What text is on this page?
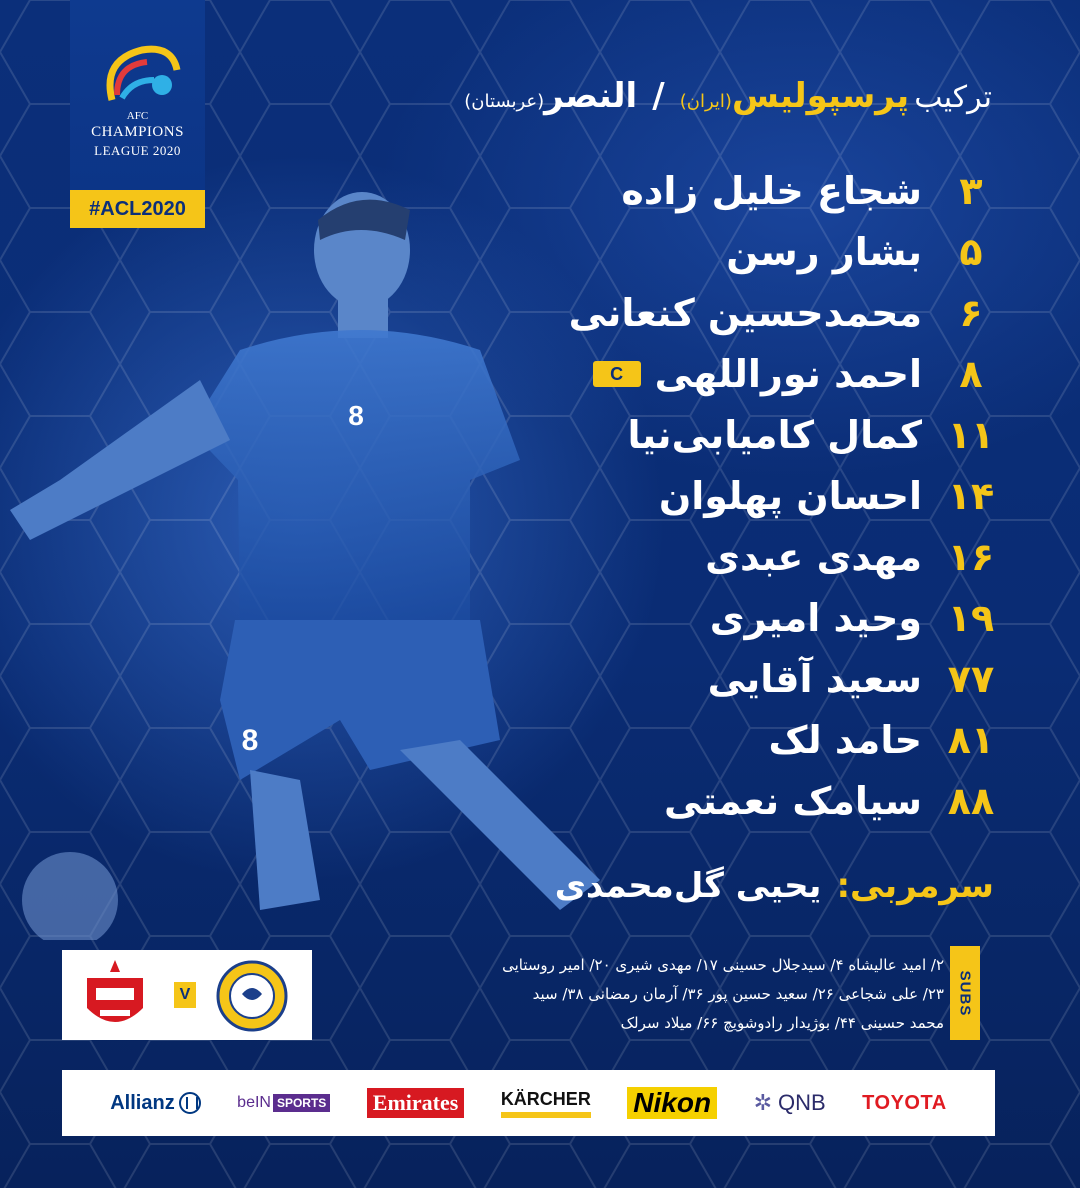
8
8
AFC
CHAMPIONS
LEAGUE 2020
#ACL2020
ترکیب پرسپولیس(ایران) / النصر(عربستان)
شجاع خلیل زاده ۳
بشار رسن ۵
محمدحسین کنعانی ۶
C احمد نوراللهی ۸
کمال کامیابی‌نیا ۱۱
احسان پهلوان ۱۴
مهدی عبدی ۱۶
وحید امیری ۱۹
سعید آقایی ۷۷
حامد لک ۸۱
سیامک نعمتی ۸۸
سرمربی: یحیی گل‌محمدی
V	SUBS
۲/ امید عالیشاه ۴/ سیدجلال حسینی ۱۷/ مهدی شیری ۲۰/ امیر روستایی
۲۳/ علی شجاعی ۲۶/ سعید حسین پور ۳۶/ آرمان رمضانی ۳۸/ سید
محمد حسینی ۴۴/ بوژیدار رادوشویچ ۶۶/ میلاد سرلک
Allianz	beIN SPORTS Emirates	KÄRCHER Nikon ✲ QNB TOYOTA
